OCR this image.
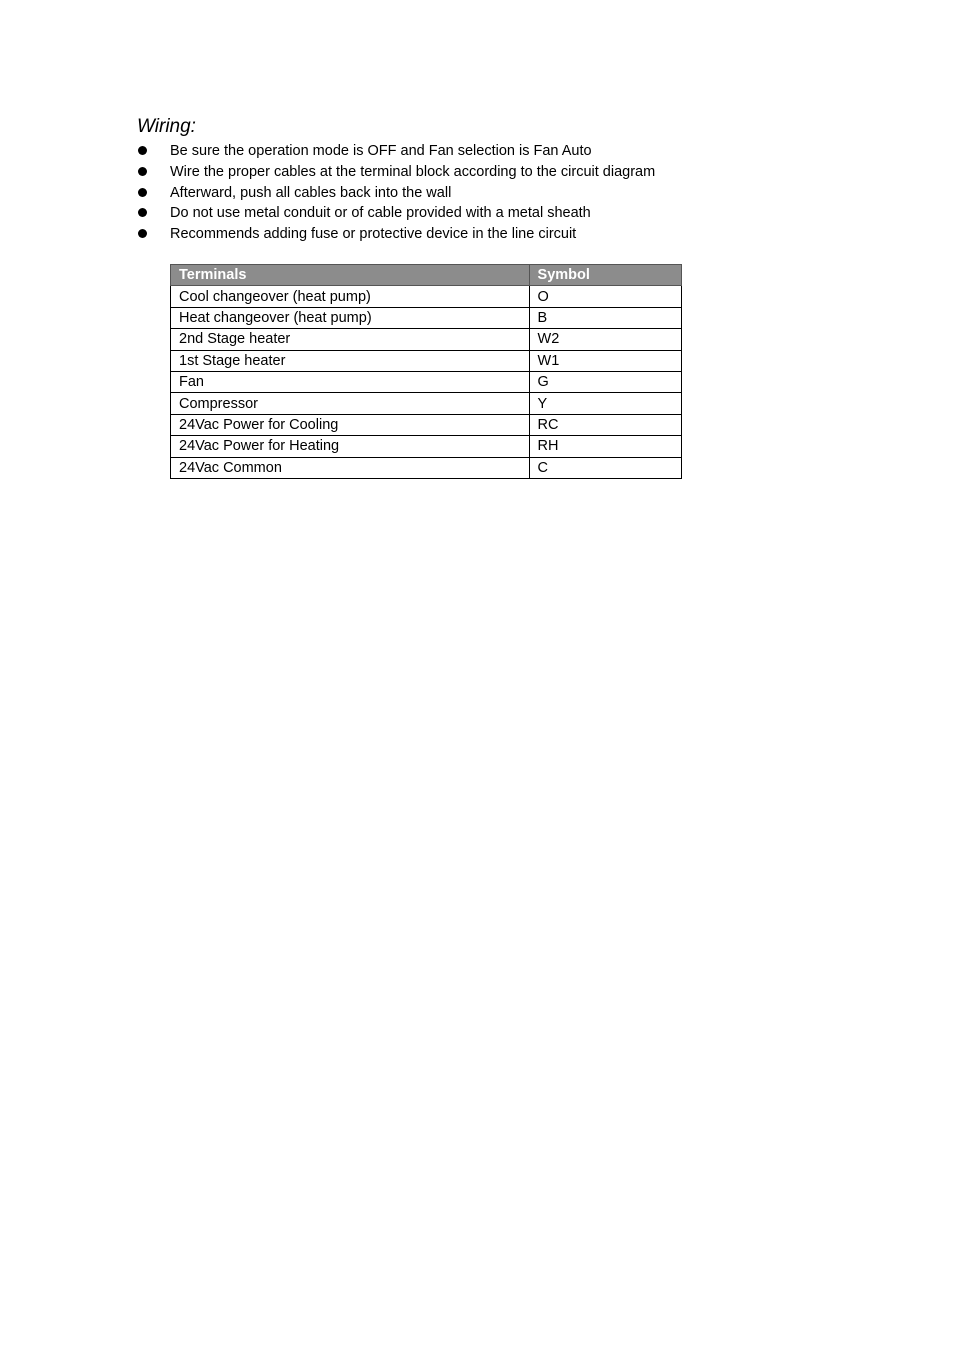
Wiring:
Be sure the operation mode is OFF and Fan selection is Fan Auto
Wire the proper cables at the terminal block according to the circuit diagram
Afterward, push all cables back into the wall
Do not use metal conduit or of cable provided with a metal sheath
Recommends adding fuse or protective device in the line circuit
Terminals	Symbol
Cool changeover (heat pump)	O
Heat changeover (heat pump)	B
2nd Stage heater	W2
1st Stage heater	W1
Fan	G
Compressor	Y
24Vac Power for Cooling	RC
24Vac Power for Heating	RH
24Vac Common	C
